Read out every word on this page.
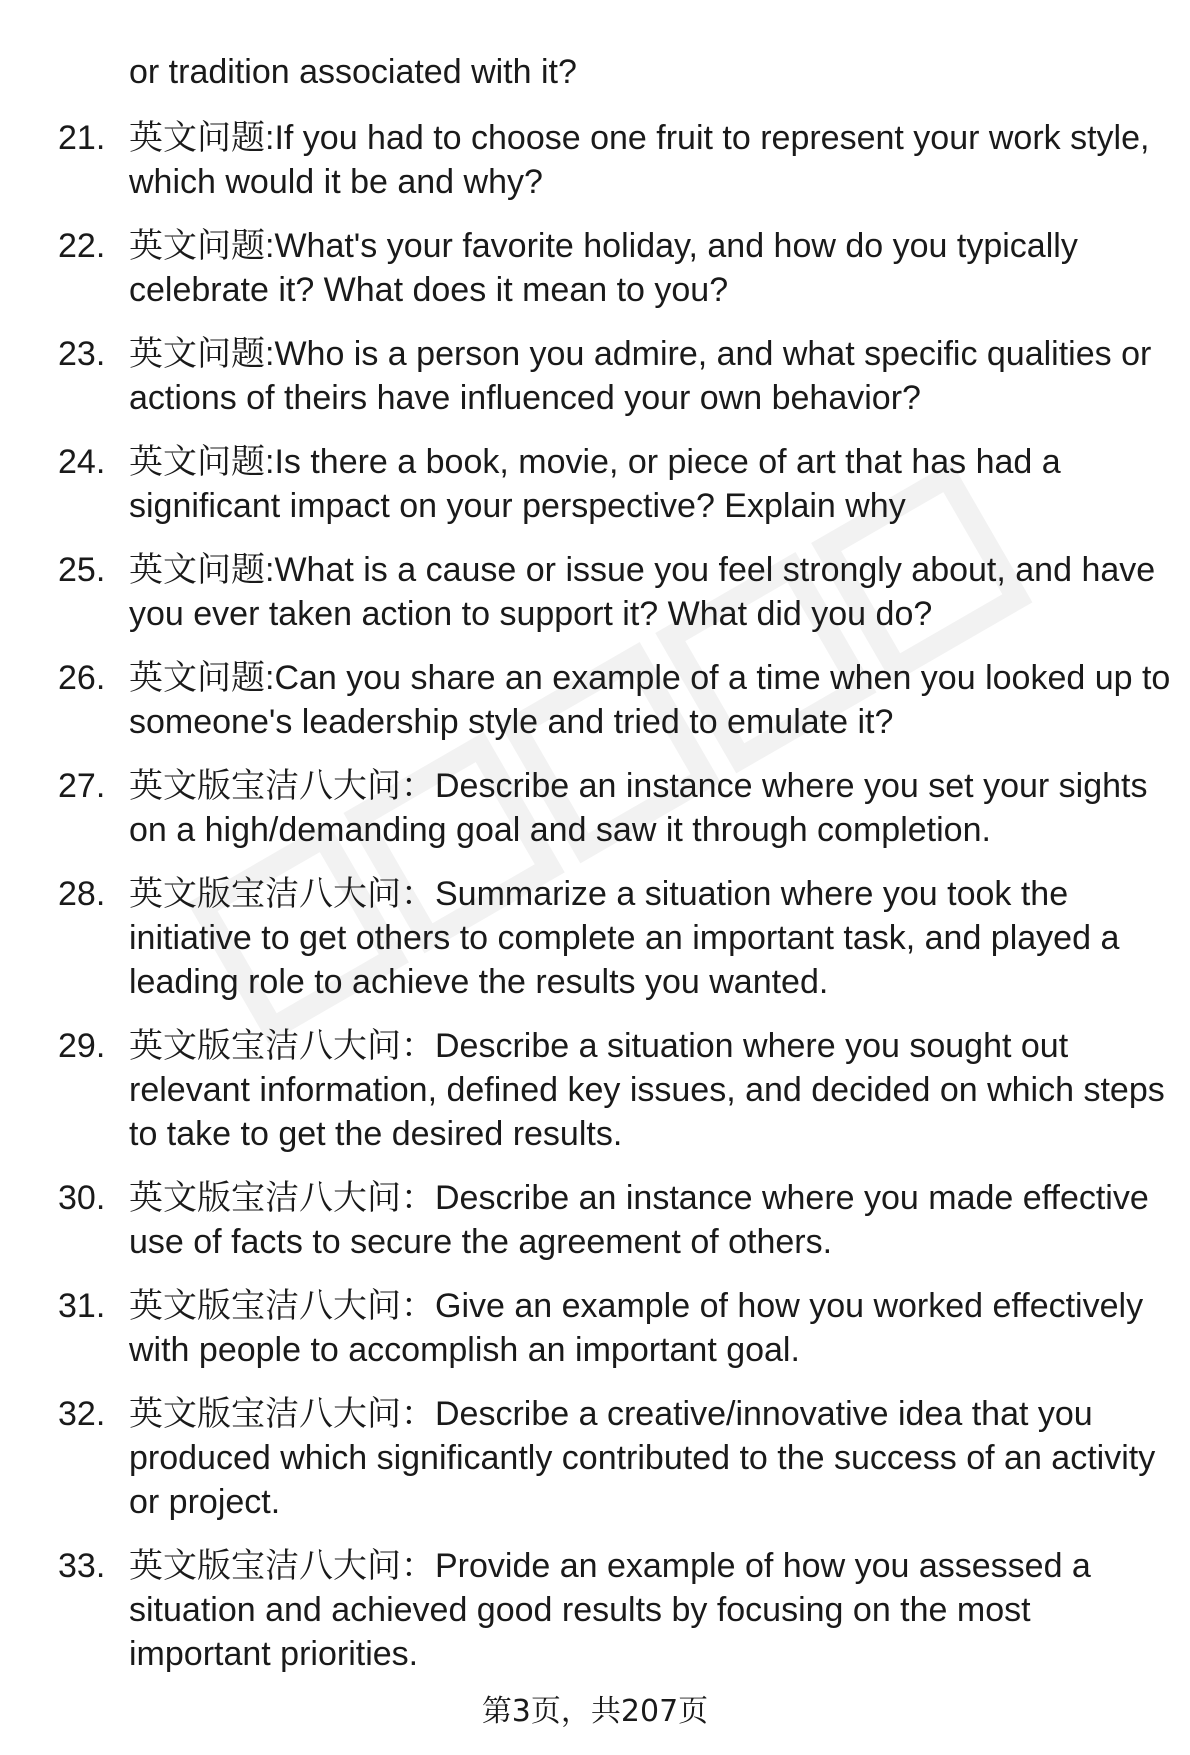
or tradition associated with it?

21. 英文问题:If you had to choose one fruit to represent your work style, which would it be and why?
22. 英文问题:What's your favorite holiday, and how do you typically celebrate it? What does it mean to you?
23. 英文问题:Who is a person you admire, and what specific qualities or actions of theirs have influenced your own behavior?
24. 英文问题:Is there a book, movie, or piece of art that has had a significant impact on your perspective? Explain why
25. 英文问题:What is a cause or issue you feel strongly about, and have you ever taken action to support it? What did you do?
26. 英文问题:Can you share an example of a time when you looked up to someone's leadership style and tried to emulate it?
27. 英文版宝洁八大问：Describe an instance where you set your sights on a high/demanding goal and saw it through completion.
28. 英文版宝洁八大问：Summarize a situation where you took the initiative to get others to complete an important task, and played a leading role to achieve the results you wanted.
29. 英文版宝洁八大问：Describe a situation where you sought out relevant information, defined key issues, and decided on which steps to take to get the desired results.
30. 英文版宝洁八大问：Describe an instance where you made effective use of facts to secure the agreement of others.
31. 英文版宝洁八大问：Give an example of how you worked effectively with people to accomplish an important goal.
32. 英文版宝洁八大问：Describe a creative/innovative idea that you produced which significantly contributed to the success of an activity or project.
33. 英文版宝洁八大问：Provide an example of how you assessed a situation and achieved good results by focusing on the most important priorities.
第3页，共207页
